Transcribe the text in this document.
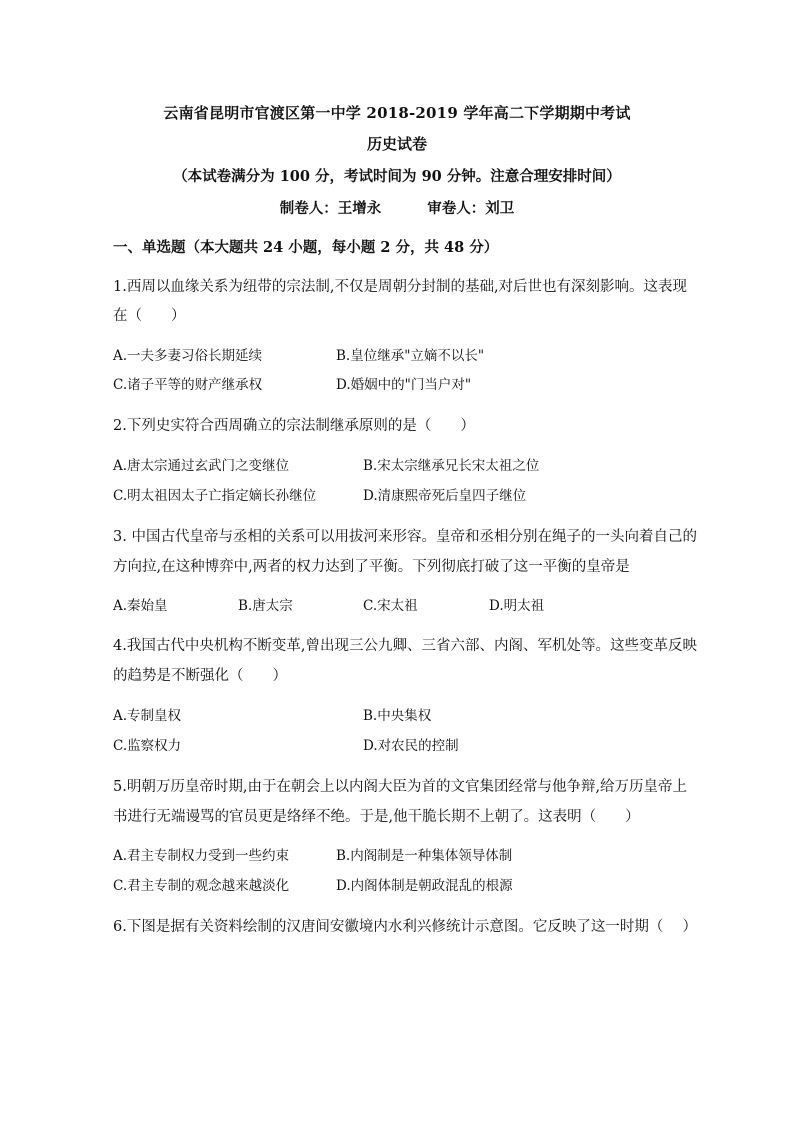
云南省昆明市官渡区第一中学 2018-2019 学年高二下学期期中考试
历史试卷
（本试卷满分为 100 分，考试时间为 90 分钟。注意合理安排时间）
制卷人：王增永	审卷人：刘卫
一、单选题（本大题共 24 小题，每小题 2 分，共 48 分）
1.西周以血缘关系为纽带的宗法制,不仅是周朝分封制的基础,对后世也有深刻影响。这表现
在（　　）
A.一夫多妻习俗长期延续	B.皇位继承"立嫡不以长"
C.诸子平等的财产继承权	D.婚姻中的"门当户对"
2.下列史实符合西周确立的宗法制继承原则的是（　　）
A.唐太宗通过玄武门之变继位	B.宋太宗继承兄长宋太祖之位
C.明太祖因太子亡指定嫡长孙继位	D.清康熙帝死后皇四子继位
3. 中国古代皇帝与丞相的关系可以用拔河来形容。皇帝和丞相分别在绳子的一头向着自己的
方向拉,在这种博弈中,两者的权力达到了平衡。下列彻底打破了这一平衡的皇帝是
A.秦始皇	B.唐太宗	C.宋太祖	D.明太祖
4.我国古代中央机构不断变革,曾出现三公九卿、三省六部、内阁、军机处等。这些变革反映
的趋势是不断强化（　　）
A.专制皇权	B.中央集权
C.监察权力	D.对农民的控制
5.明朝万历皇帝时期,由于在朝会上以内阁大臣为首的文官集团经常与他争辩,给万历皇帝上
书进行无端谩骂的官员更是络绎不绝。于是,他干脆长期不上朝了。这表明（　　）
A.君主专制权力受到一些约束	B.内阁制是一种集体领导体制
C.君主专制的观念越来越淡化	D.内阁体制是朝政混乱的根源
6.下图是据有关资料绘制的汉唐间安徽境内水利兴修统计示意图。它反映了这一时期（　 ）
